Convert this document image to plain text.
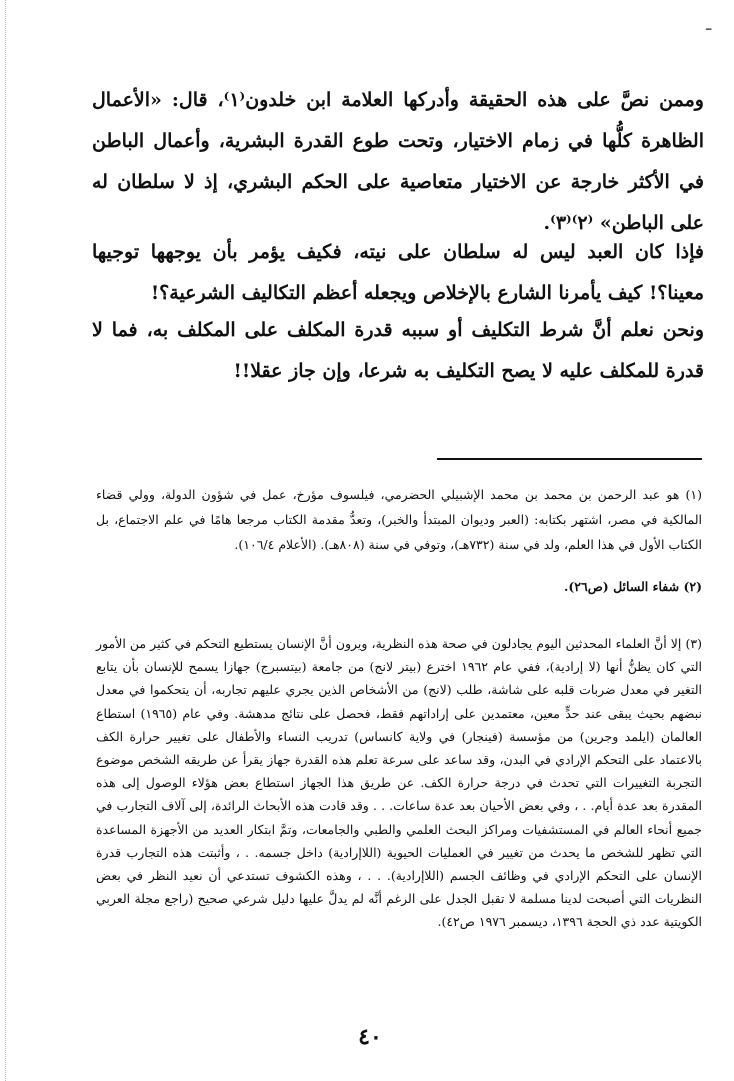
ـ

وممن نصَّ على هذه الحقيقة وأدركها العلامة ابن خلدون⁽١⁾، قال: «الأعمال الظاهرة كلُّها في زمام الاختيار، وتحت طوع القدرة البشرية، وأعمال الباطن في الأكثر خارجة عن الاختيار متعاصية على الحكم البشري، إذ لا سلطان له على الباطن» ⁽٢⁾⁽٣⁾.

فإذا كان العبد ليس له سلطان على نيته، فكيف يؤمر بأن يوجهها توجيها معينا؟! كيف يأمرنا الشارع بالإخلاص ويجعله أعظم التكاليف الشرعية؟!

ونحن نعلم أنَّ شرط التكليف أو سببه قدرة المكلف على المكلف به، فما لا قدرة للمكلف عليه لا يصح التكليف به شرعا، وإن جاز عقلا!!

(١) هو عبد الرحمن بن محمد بن محمد الإشبيلي الحضرمي، فيلسوف مؤرخ، عمل في شؤون الدولة، وولي قضاء المالكية في مصر، اشتهر بكتابه: (العبر وديوان المبتدأ والخبر)، وتعدُّ مقدمة الكتاب مرجعا هامًا في علم الاجتماع، بل الكتاب الأول في هذا العلم، ولد في سنة (٧٣٢هـ)، وتوفي في سنة (٨٠٨هـ). (الأعلام ١٠٦/٤).

(٢) شفاء السائل (ص٢٦).

(٣) إلا أنَّ العلماء المحدثين اليوم يجادلون في صحة هذه النظرية، ويرون أنَّ الإنسان يستطيع التحكم في كثير من الأمور التي كان يظنُّ أنها (لا إرادية)، ففي عام ١٩٦٢ اخترع (بيتر لانج) من جامعة (بيتسبرج) جهازا يسمح للإنسان بأن يتابع التغير في معدل ضربات قلبه على شاشة، طلب (لانج) من الأشخاص الذين يجري عليهم تجاربه، أن يتحكموا في معدل نبضهم بحيث يبقى عند حدٍّ معين، معتمدين على إراداتهم فقط، فحصل على نتائج مدهشة. وفي عام (١٩٦٥) استطاع العالمان (ايلمد وجرين) من مؤسسة (فينجار) في ولاية كانساس) تدريب النساء والأطفال على تغيير حرارة الكف بالاعتماد على التحكم الإرادي في البدن، وقد ساعد على سرعة تعلم هذه القدرة جهاز يقرأ عن طريقه الشخص موضوع التجربة التغييرات التي تحدث في درجة حرارة الكف. عن طريق هذا الجهاز استطاع بعض هؤلاء الوصول إلى هذه المقدرة بعد عدة أيام. . ، وفي بعض الأحيان بعد عدة ساعات. . . وقد قادت هذه الأبحاث الرائدة، إلى آلاف التجارب في جميع أنحاء العالم في المستشفيات ومراكز البحث العلمي والطبي والجامعات، وتمَّ ابتكار العديد من الأجهزة المساعدة التي تظهر للشخص ما يحدث من تغيير في العمليات الحيوية (اللاإرادية) داخل جسمه. . ، وأثبتت هذه التجارب قدرة الإنسان على التحكم الإرادي في وظائف الجسم (اللاإرادية). . . ، وهذه الكشوف تستدعي أن نعيد النظر في بعض النظريات التي أصبحت لدينا مسلمة لا تقبل الجدل على الرغم أنَّه لم يدلَّ عليها دليل شرعي صحيح (راجع مجلة العربي الكويتية عدد ذي الحجة ١٣٩٦، ديسمبر ١٩٧٦ ص٤٢).

٤٠
